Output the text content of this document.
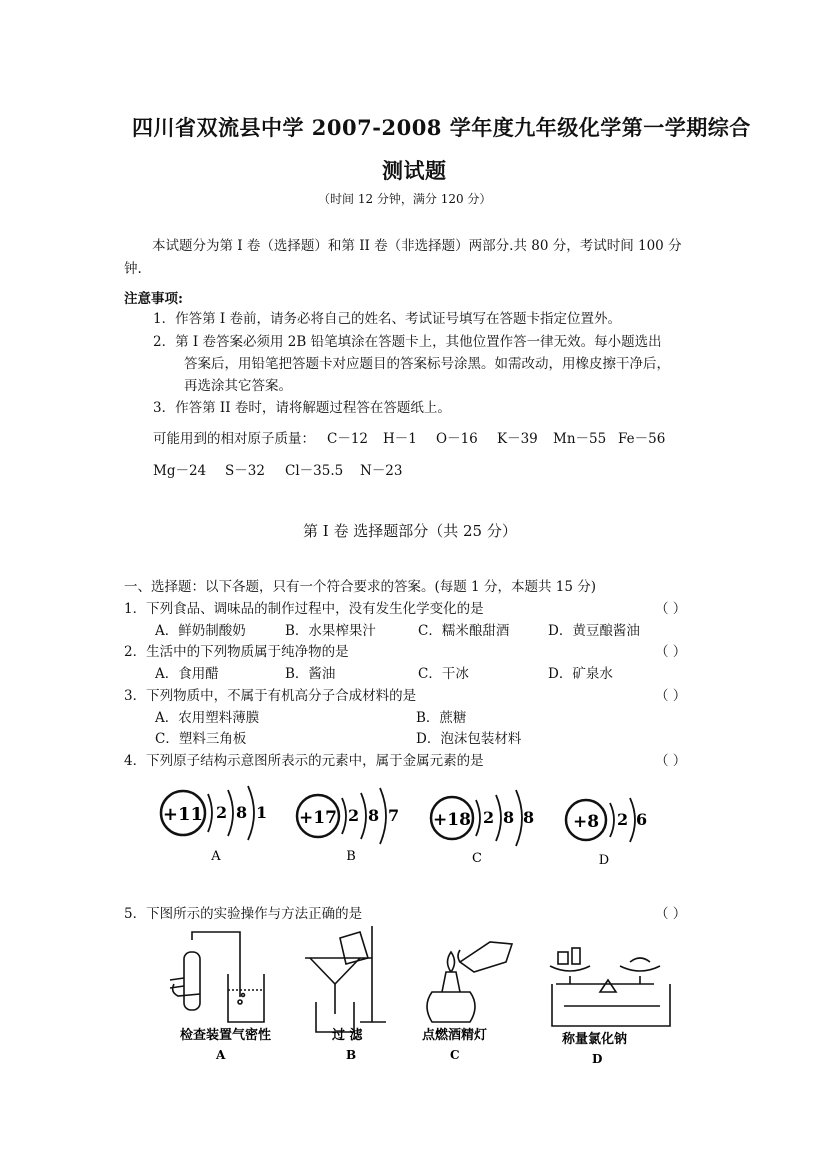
四川省双流县中学 2007-2008 学年度九年级化学第一学期综合
测试题
（时间 12 分钟，满分 120 分）
本试题分为第 I 卷（选择题）和第 II 卷（非选择题）两部分.共 80 分，考试时间 100 分
钟.
注意事项:
1．作答第 I 卷前，请务必将自己的姓名、考试证号填写在答题卡指定位置外。
2．第 I 卷答案必须用 2B 铅笔填涂在答题卡上，其他位置作答一律无效。每小题选出
答案后，用铅笔把答题卡对应题目的答案标号涂黑。如需改动，用橡皮擦干净后，
再选涂其它答案。
3．作答第 II 卷时，请将解题过程答在答题纸上。
可能用到的相对原子质量： C－12 H－1 O－16 K－39 Mn－55 Fe－56
Mg－24 S－32 Cl－35.5 N－23
第 Ⅰ 卷 选择题部分（共 25 分）
一、选择题：以下各题，只有一个符合要求的答案。(每题 1 分，本题共 15 分)
1．下列食品、调味品的制作过程中，没有发生化学变化的是	（ ）
A．鲜奶制酸奶	B．水果榨果汁	C．糯米酿甜酒	D．黄豆酿酱油
2．生活中的下列物质属于纯净物的是	（ ）
A．食用醋	B．酱油	C．干冰	D．矿泉水
3．下列物质中，不属于有机高分子合成材料的是	（ ）
A．农用塑料薄膜	B．蔗糖
C．塑料三角板	D．泡沫包装材料
4．下列原子结构示意图所表示的元素中，属于金属元素的是	（ ）
+11 2 8 1
A
+17 2 8 7
B
+18 2 8 8
C
+8 2 6
D
5．下图所示的实验操作与方法正确的是	（ ）
检查装置气密性
A
过 滤
B
点燃酒精灯
C
称量氯化钠
D
